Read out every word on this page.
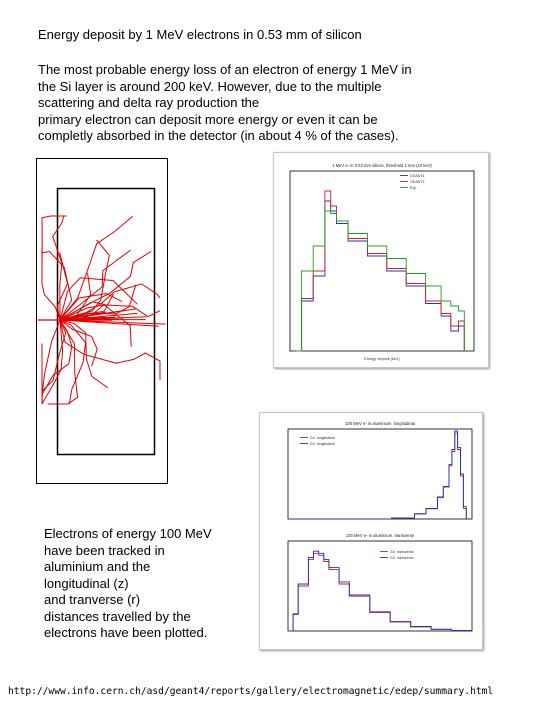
Energy deposit by 1 MeV electrons in 0.53 mm of silicon
The most probable energy loss of an electron of energy 1 MeV in
the Si layer is around 200 keV. However, due to the multiple
scattering and delta ray production the
primary electron can deposit more energy or even it can be
completly absorbed in the detector (in about 4 % of the cases).
1 MeV e- in 0.53 mm silicon, threshold 1 mm (10 keV)
GEANT4
GEANT3
Exp.
Energy deposit (keV)
100 MeV e- in aluminium, longitudinal
G4, longitudinal
G3, longitudinal
100 MeV e- in aluminium, transverse
G4, transverse
G3, transverse
Electrons of energy 100 MeV
have been tracked in
aluminium and the
longitudinal (z)
and tranverse (r)
distances travelled by the
electrons have been plotted.
http://www.info.cern.ch/asd/geant4/reports/gallery/electromagnetic/edep/summary.html
